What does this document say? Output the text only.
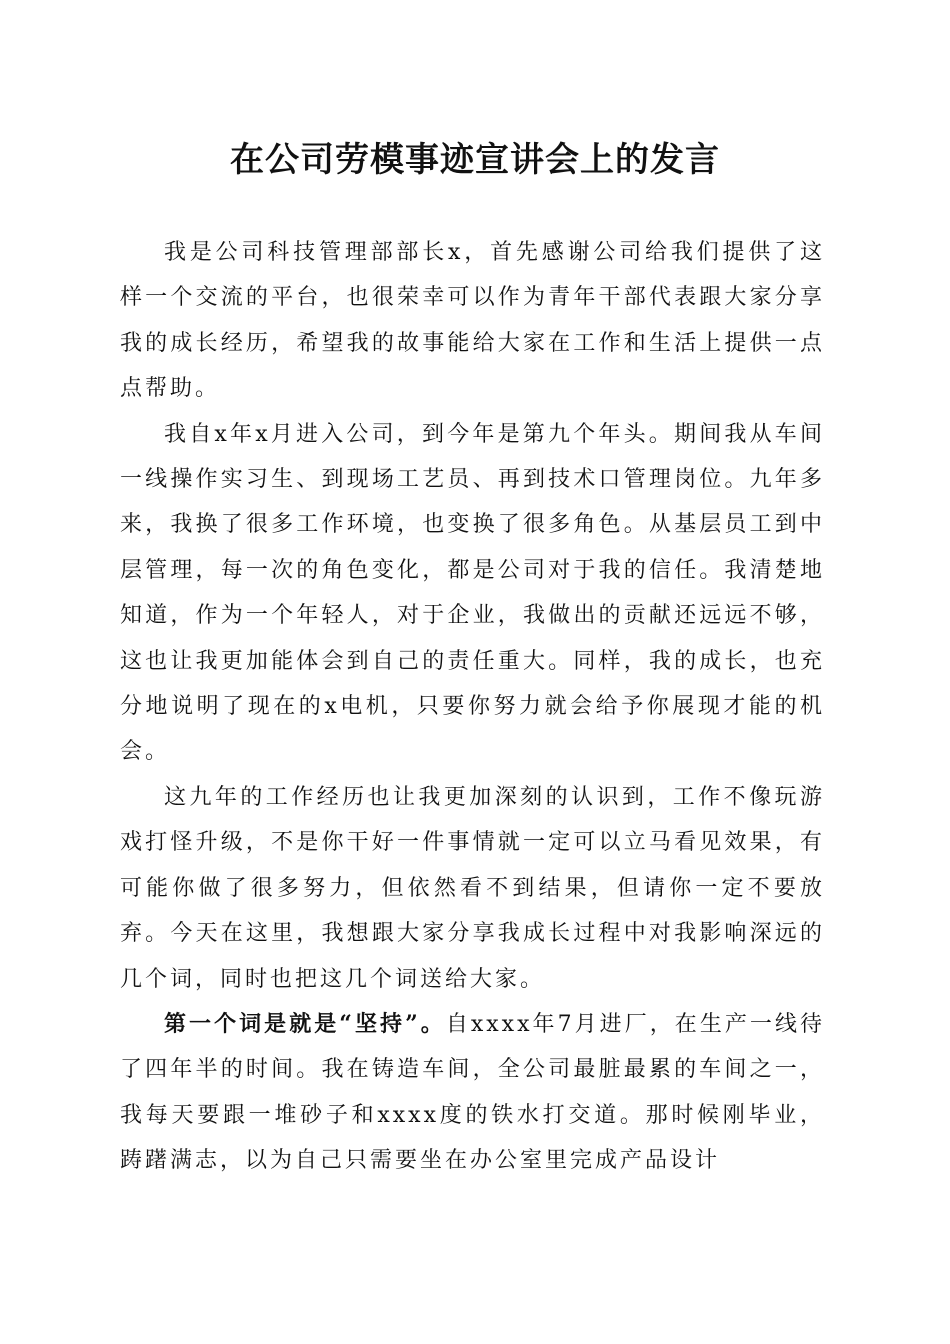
在公司劳模事迹宣讲会上的发言

我是公司科技管理部部长x，首先感谢公司给我们提供了这样一个交流的平台，也很荣幸可以作为青年干部代表跟大家分享我的成长经历，希望我的故事能给大家在工作和生活上提供一点点帮助。

我自x年x月进入公司，到今年是第九个年头。期间我从车间一线操作实习生、到现场工艺员、再到技术口管理岗位。九年多来，我换了很多工作环境，也变换了很多角色。从基层员工到中层管理，每一次的角色变化，都是公司对于我的信任。我清楚地知道，作为一个年轻人，对于企业，我做出的贡献还远远不够，这也让我更加能体会到自己的责任重大。同样，我的成长，也充分地说明了现在的x电机，只要你努力就会给予你展现才能的机会。

这九年的工作经历也让我更加深刻的认识到，工作不像玩游戏打怪升级，不是你干好一件事情就一定可以立马看见效果，有可能你做了很多努力，但依然看不到结果，但请你一定不要放弃。今天在这里，我想跟大家分享我成长过程中对我影响深远的几个词，同时也把这几个词送给大家。

第一个词是就是“坚持”。自xxxx年7月进厂，在生产一线待了四年半的时间。我在铸造车间，全公司最脏最累的车间之一，我每天要跟一堆砂子和xxxx度的铁水打交道。那时候刚毕业，踌躇满志，以为自己只需要坐在办公室里完成产品设计
